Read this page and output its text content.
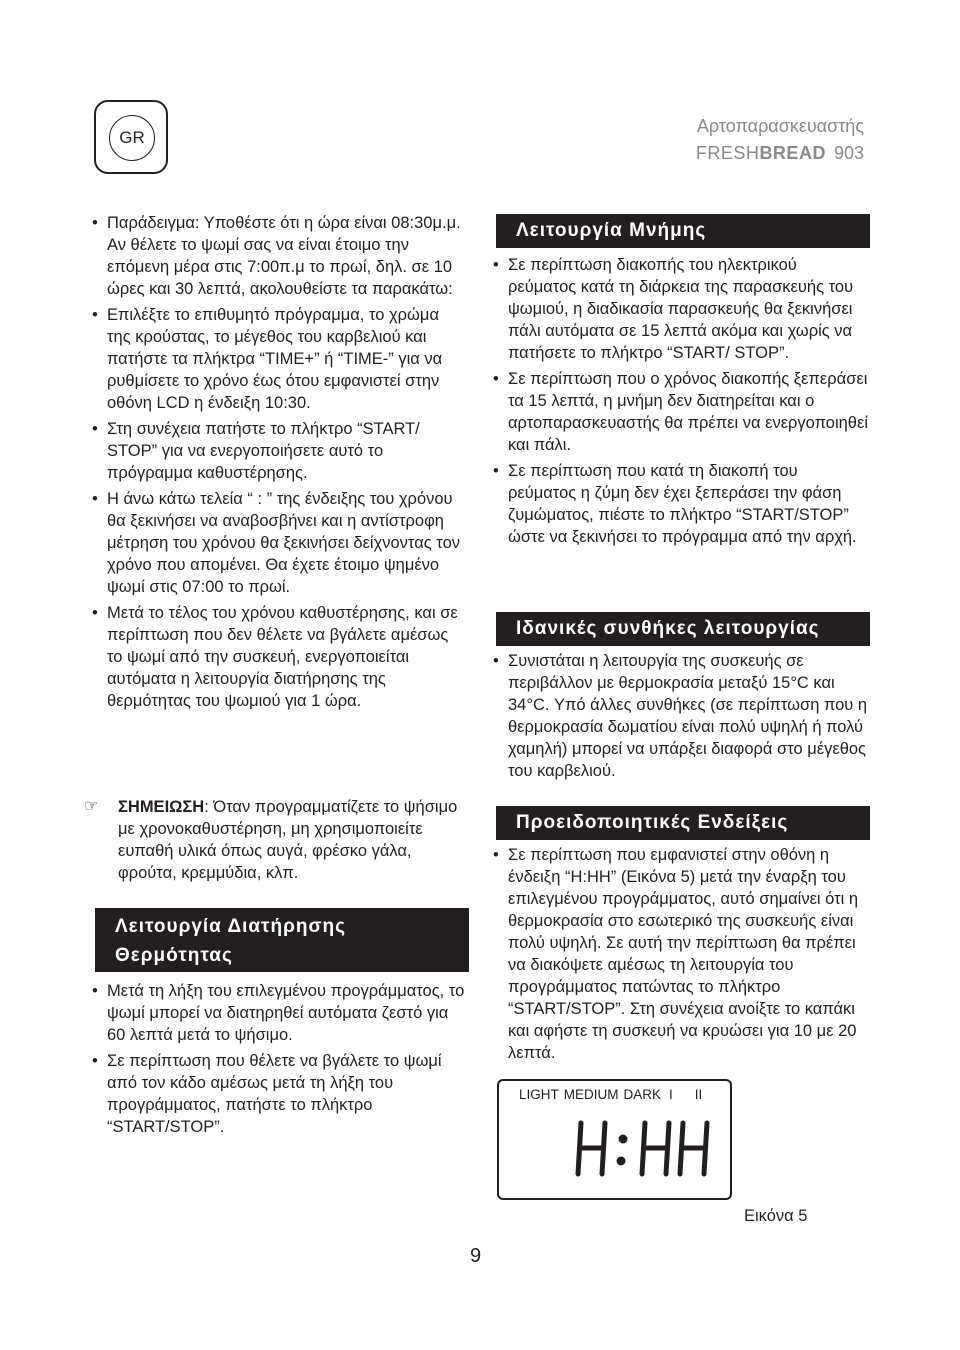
GR
Αρτοπαρασκευαστής
FRESHBREAD 903
• Παράδειγμα: Υποθέστε ότι η ώρα είναι 08:30μ.μ. Αν θέλετε το ψωμί σας να είναι έτοιμο την επόμενη μέρα στις 7:00π.μ το πρωί, δηλ. σε 10 ώρες και 30 λεπτά, ακολουθείστε τα παρακάτω:
• Επιλέξτε το επιθυμητό πρόγραμμα, το χρώμα της κρούστας, το μέγεθος του καρβελιού και πατήστε τα πλήκτρα “TIME+” ή “TIME-” για να ρυθμίσετε το χρόνο έως ότου εμφανιστεί στην οθόνη LCD η ένδειξη 10:30.
• Στη συνέχεια πατήστε το πλήκτρο “START/ STOP” για να ενεργοποιήσετε αυτό το πρόγραμμα καθυστέρησης.
• Η άνω κάτω τελεία “ : ” της ένδειξης του χρόνου θα ξεκινήσει να αναβοσβήνει και η αντίστροφη μέτρηση του χρόνου θα ξεκινήσει δείχνοντας τον χρόνο που απομένει. Θα έχετε έτοιμο ψημένο ψωμί στις 07:00 το πρωί.
• Μετά το τέλος του χρόνου καθυστέρησης, και σε περίπτωση που δεν θέλετε να βγάλετε αμέσως το ψωμί από την συσκευή, ενεργοποιείται αυτόματα η λειτουργία διατήρησης της θερμότητας του ψωμιού για 1 ώρα.
☞	ΣΗΜΕΙΩΣΗ: Όταν προγραμματίζετε το ψήσιμο με χρονοκαθυστέρηση, μη χρησιμοποιείτε ευπαθή υλικά όπως αυγά, φρέσκο γάλα, φρούτα, κρεμμύδια, κλπ.
Λειτουργία Διατήρησης
Θερμότητας
• Μετά τη λήξη του επιλεγμένου προγράμματος, το ψωμί μπορεί να διατηρηθεί αυτόματα ζεστό για 60 λεπτά μετά το ψήσιμο.
• Σε περίπτωση που θέλετε να βγάλετε το ψωμί από τον κάδο αμέσως μετά τη λήξη του προγράμματος, πατήστε το πλήκτρο “START/STOP”.
Λειτουργία Μνήμης
• Σε περίπτωση διακοπής του ηλεκτρικού ρεύματος κατά τη διάρκεια της παρασκευής του ψωμιού, η διαδικασία παρασκευής θα ξεκινήσει πάλι αυτόματα σε 15 λεπτά ακόμα και χωρίς να πατήσετε το πλήκτρο “START/ STOP”.
• Σε περίπτωση που ο χρόνος διακοπής ξεπεράσει τα 15 λεπτά, η μνήμη δεν διατηρείται και ο αρτοπαρασκευαστής θα πρέπει να ενεργοποιηθεί και πάλι.
• Σε περίπτωση που κατά τη διακοπή του ρεύματος η ζύμη δεν έχει ξεπεράσει την φάση ζυμώματος, πιέστε το πλήκτρο “START/STOP” ώστε να ξεκινήσει το πρόγραμμα από την αρχή.
Ιδανικές συνθήκες λειτουργίας
• Συνιστάται η λειτουργία της συσκευής σε περιβάλλον με θερμοκρασία μεταξύ 15°C και 34°C. Υπό άλλες συνθήκες (σε περίπτωση που η θερμοκρασία δωματίου είναι πολύ υψηλή ή πολύ χαμηλή) μπορεί να υπάρξει διαφορά στο μέγεθος του καρβελιού.
Προειδοποιητικές Ενδείξεις
• Σε περίπτωση που εμφανιστεί στην οθόνη η ένδειξη “H:HH” (Εικόνα 5) μετά την έναρξη του επιλεγμένου προγράμματος, αυτό σημαίνει ότι η θερμοκρασία στο εσωτερικό της συσκευής είναι πολύ υψηλή. Σε αυτή την περίπτωση θα πρέπει να διακόψετε αμέσως τη λειτουργία του προγράμματος πατώντας το πλήκτρο “START/STOP”. Στη συνέχεια ανοίξτε το καπάκι και αφήστε τη συσκευή να κρυώσει για 10 με 20 λεπτά.
LIGHT MEDIUM DARK I II
Εικόνα 5
9
